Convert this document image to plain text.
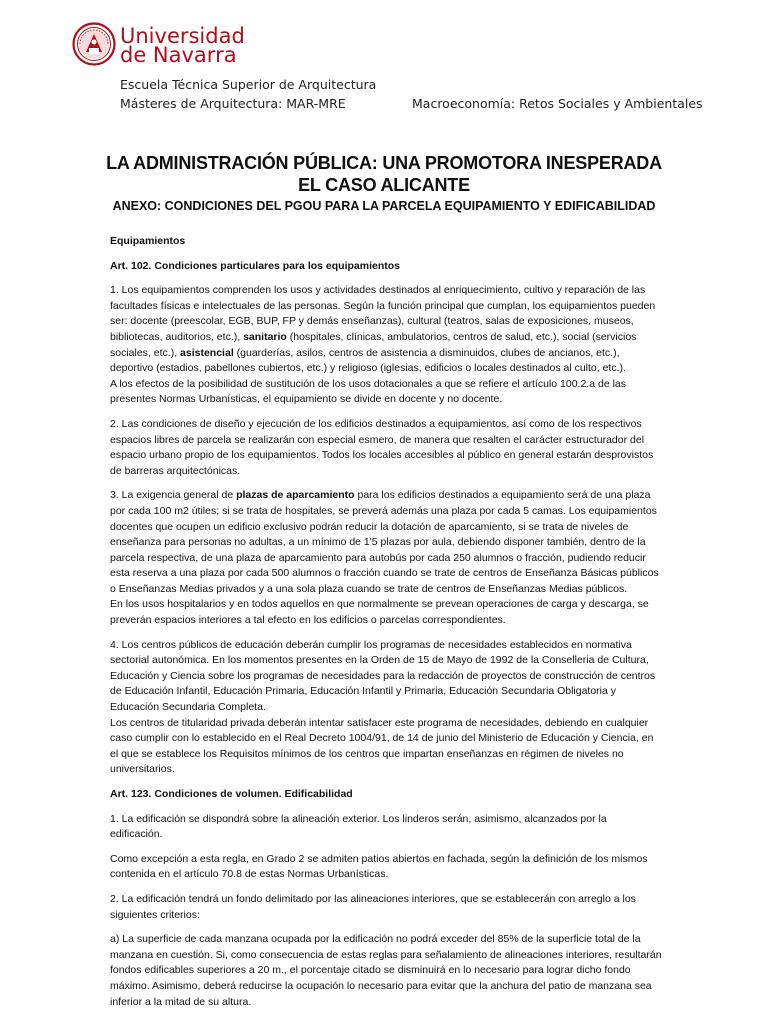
Universidad
de Navarra
Escuela Técnica Superior de Arquitectura
Másteres de Arquitectura: MAR-MRE	Macroeconomía: Retos Sociales y Ambientales
LA ADMINISTRACIÓN PÚBLICA: UNA PROMOTORA INESPERADA
EL CASO ALICANTE
ANEXO: CONDICIONES DEL PGOU PARA LA PARCELA EQUIPAMIENTO Y EDIFICABILIDAD

Equipamientos

Art. 102. Condiciones particulares para los equipamientos

1. Los equipamientos comprenden los usos y actividades destinados al enriquecimiento, cultivo y reparación de las facultades físicas e intelectuales de las personas. Según la función principal que cumplan, los equipamientos pueden ser: docente (preescolar, EGB, BUP, FP y demás enseñanzas), cultural (teatros, salas de exposiciones, museos, bibliotecas, auditorios, etc.), sanitario (hospitales, clínicas, ambulatorios, centros de salud, etc.), social (servicios sociales, etc.), asistencial (guarderías, asilos, centros de asistencia a disminuidos, clubes de ancianos, etc.), deportivo (estadios, pabellones cubiertos, etc.) y religioso (iglesias, edificios o locales destinados al culto, etc.).

A los efectos de la posibilidad de sustitución de los usos dotacionales a que se refiere el artículo 100.2.a de las presentes Normas Urbanísticas, el equipamiento se divide en docente y no docente.

2. Las condiciones de diseño y ejecución de los edificios destinados a equipamientos, así como de los respectivos espacios libres de parcela se realizarán con especial esmero, de manera que resalten el carácter estructurador del espacio urbano propio de los equipamientos. Todos los locales accesibles al público en general estarán desprovistos de barreras arquitectónicas.

3. La exigencia general de plazas de aparcamiento para los edificios destinados a equipamiento será de una plaza por cada 100 m2 útiles; si se trata de hospitales, se preverá además una plaza por cada 5 camas. Los equipamientos docentes que ocupen un edificio exclusivo podrán reducir la dotación de aparcamiento, si se trata de niveles de enseñanza para personas no adultas, a un mínimo de 1'5 plazas por aula, debiendo disponer también, dentro de la parcela respectiva, de una plaza de aparcamiento para autobús por cada 250 alumnos o fracción, pudiendo reducir esta reserva a una plaza por cada 500 alumnos o fracción cuando se trate de centros de Enseñanza Básicas públicos o Enseñanzas Medias privados y a una sola plaza cuando se trate de centros de Enseñanzas Medias públicos.

En los usos hospitalarios y en todos aquellos en que normalmente se prevean operaciones de carga y descarga, se preverán espacios interiores a tal efecto en los edificios o parcelas correspondientes.

4. Los centros públicos de educación deberán cumplir los programas de necesidades establecidos en normativa sectorial autonómica. En los momentos presentes en la Orden de 15 de Mayo de 1992 de la Conselleria de Cultura, Educación y Ciencia sobre los programas de necesidades para la redacción de proyectos de construcción de centros de Educación Infantil, Educación Primaria, Educación Infantil y Primaria, Educación Secundaria Obligatoria y Educación Secundaria Completa.

Los centros de titularidad privada deberán intentar satisfacer este programa de necesidades, debiendo en cualquier caso cumplir con lo establecido en el Real Decreto 1004/91, de 14 de junio del Ministerio de Educación y Ciencia, en el que se establece los Requisitos mínimos de los centros que impartan enseñanzas en régimen de niveles no universitarios.

Art. 123. Condiciones de volumen. Edificabilidad

1. La edificación se dispondrá sobre la alineación exterior. Los linderos serán, asimismo, alcanzados por la edificación.

Como excepción a esta regla, en Grado 2 se admiten patios abiertos en fachada, según la definición de los mismos contenida en el artículo 70.8 de estas Normas Urbanísticas.

2. La edificación tendrá un fondo delimitado por las alineaciones interiores, que se establecerán con arreglo a los siguientes criterios:

a) La superficie de cada manzana ocupada por la edificación no podrá exceder del 85% de la superficie total de la manzana en cuestión. Si, como consecuencia de estas reglas para señalamiento de alineaciones interiores, resultarán fondos edificables superiores a 20 m., el porcentaje citado se disminuirá en lo necesario para lograr dicho fondo máximo. Asimismo, deberá reducirse la ocupación lo necesario para evitar que la anchura del patio de manzana sea inferior a la mitad de su altura.
